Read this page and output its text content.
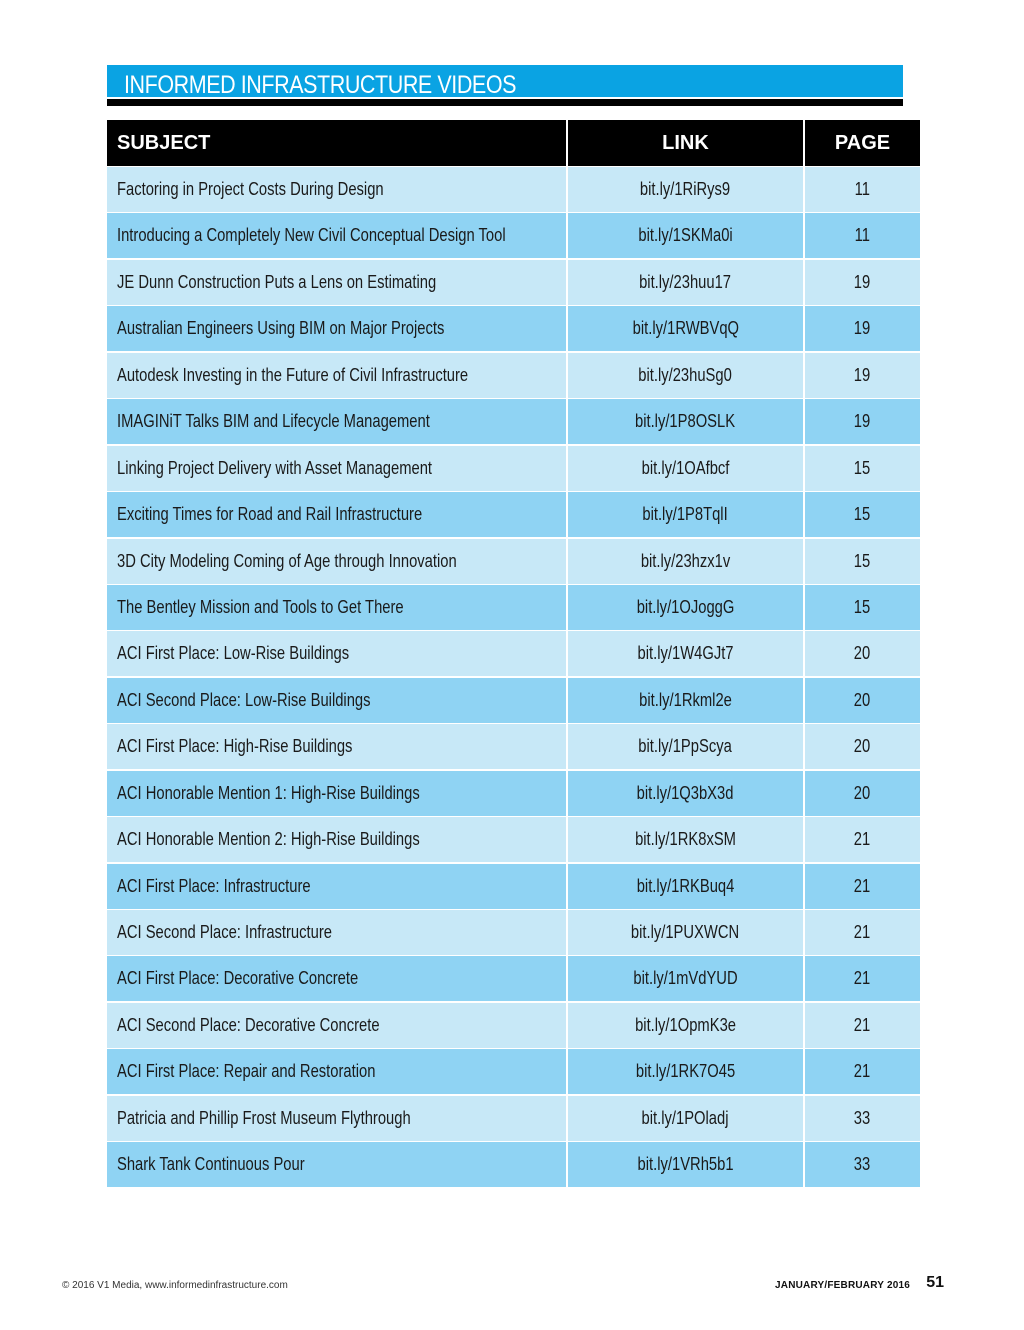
INFORMED INFRASTRUCTURE VIDEOS
SUBJECT	LINK	PAGE
Factoring in Project Costs During Design	bit.ly/1RiRys9	11
Introducing a Completely New Civil Conceptual Design Tool	bit.ly/1SKMa0i	11
JE Dunn Construction Puts a Lens on Estimating	bit.ly/23huu17	19
Australian Engineers Using BIM on Major Projects	bit.ly/1RWBVqQ	19
Autodesk Investing in the Future of Civil Infrastructure	bit.ly/23huSg0	19
IMAGINiT Talks BIM and Lifecycle Management	bit.ly/1P8OSLK	19
Linking Project Delivery with Asset Management	bit.ly/1OAfbcf	15
Exciting Times for Road and Rail Infrastructure	bit.ly/1P8TqlI	15
3D City Modeling Coming of Age through Innovation	bit.ly/23hzx1v	15
The Bentley Mission and Tools to Get There	bit.ly/1OJoggG	15
ACI First Place: Low-Rise Buildings	bit.ly/1W4GJt7	20
ACI Second Place: Low-Rise Buildings	bit.ly/1Rkml2e	20
ACI First Place: High-Rise Buildings	bit.ly/1PpScya	20
ACI Honorable Mention 1: High-Rise Buildings	bit.ly/1Q3bX3d	20
ACI Honorable Mention 2: High-Rise Buildings	bit.ly/1RK8xSM	21
ACI First Place: Infrastructure	bit.ly/1RKBuq4	21
ACI Second Place: Infrastructure	bit.ly/1PUXWCN	21
ACI First Place: Decorative Concrete	bit.ly/1mVdYUD	21
ACI Second Place: Decorative Concrete	bit.ly/1OpmK3e	21
ACI First Place: Repair and Restoration	bit.ly/1RK7O45	21
Patricia and Phillip Frost Museum Flythrough	bit.ly/1POladj	33
Shark Tank Continuous Pour	bit.ly/1VRh5b1	33
© 2016 V1 Media, www.informedinfrastructure.com	JANUARY/FEBRUARY 2016 51
